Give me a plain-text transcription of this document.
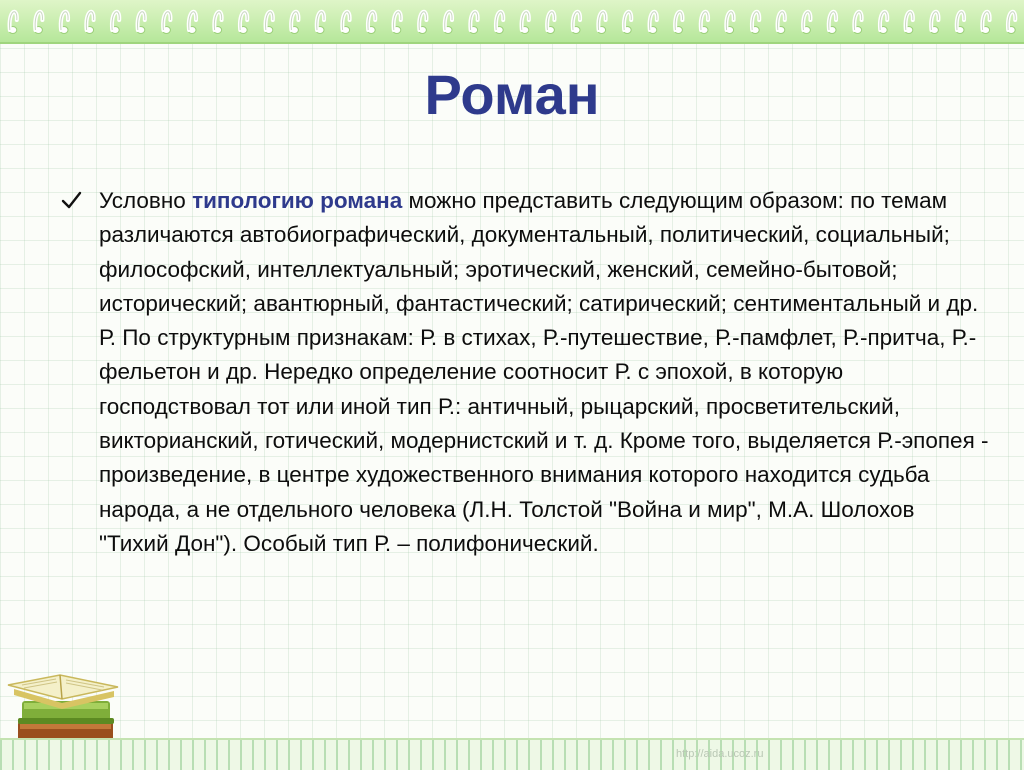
Роман

Условно типологию романа можно представить следующим образом: по темам различаются автобиографический, документальный, политический, социальный; философский, интеллектуальный; эротический, женский, семейно-бытовой; исторический; авантюрный, фантастический; сатирический; сентиментальный и др. Р. По структурным признакам: Р. в стихах, Р.-путешествие, Р.-памфлет, Р.-притча, Р.-фельетон и др. Нередко определение соотносит Р. с эпохой, в которую господствовал тот или иной тип Р.: античный, рыцарский, просветительский, викторианский, готический, модернистский и т. д. Кроме того, выделяется Р.-эпопея - произведение, в центре художественного внимания которого находится судьба народа, а не отдельного человека (Л.Н. Толстой "Война и мир", М.А. Шолохов "Тихий Дон"). Особый тип Р. – полифонический.

http://aida.ucoz.ru
